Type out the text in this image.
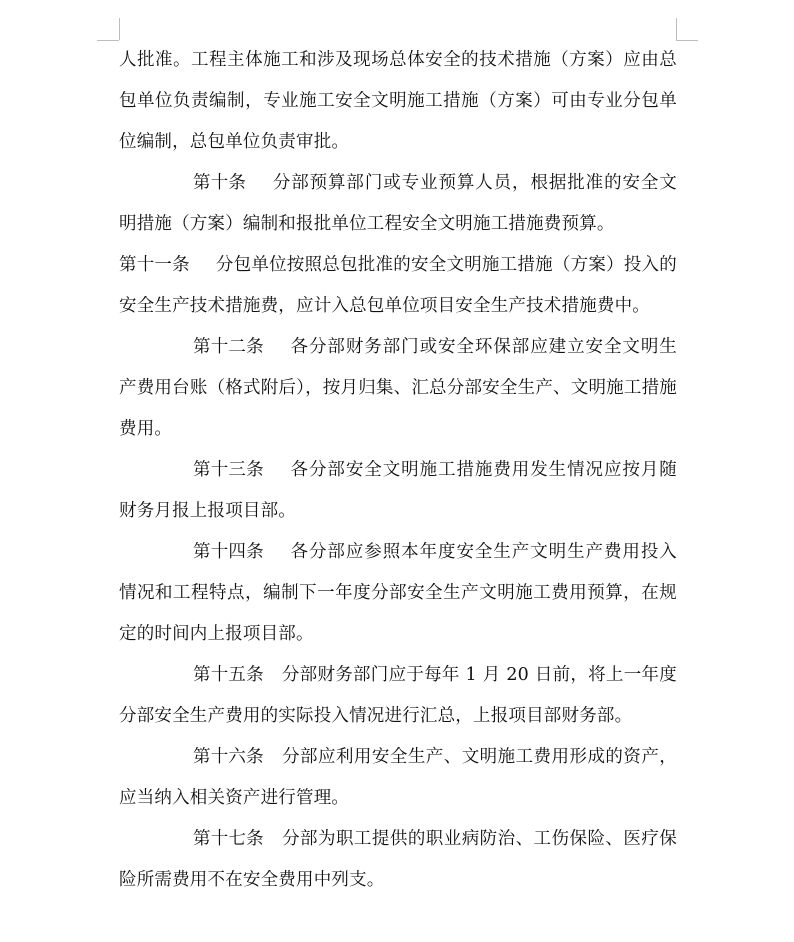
人批准。工程主体施工和涉及现场总体安全的技术措施（方案）应由总包单位负责编制，专业施工安全文明施工措施（方案）可由专业分包单位编制，总包单位负责审批。

第十条 分部预算部门或专业预算人员，根据批准的安全文明措施（方案）编制和报批单位工程安全文明施工措施费预算。

第十一条 分包单位按照总包批准的安全文明施工措施（方案）投入的安全生产技术措施费，应计入总包单位项目安全生产技术措施费中。

第十二条 各分部财务部门或安全环保部应建立安全文明生产费用台账（格式附后），按月归集、汇总分部安全生产、文明施工措施费用。

第十三条 各分部安全文明施工措施费用发生情况应按月随财务月报上报项目部。

第十四条 各分部应参照本年度安全生产文明生产费用投入情况和工程特点，编制下一年度分部安全生产文明施工费用预算，在规定的时间内上报项目部。

第十五条 分部财务部门应于每年 1 月 20 日前，将上一年度分部安全生产费用的实际投入情况进行汇总，上报项目部财务部。

第十六条 分部应利用安全生产、文明施工费用形成的资产，应当纳入相关资产进行管理。

第十七条 分部为职工提供的职业病防治、工伤保险、医疗保险所需费用不在安全费用中列支。
